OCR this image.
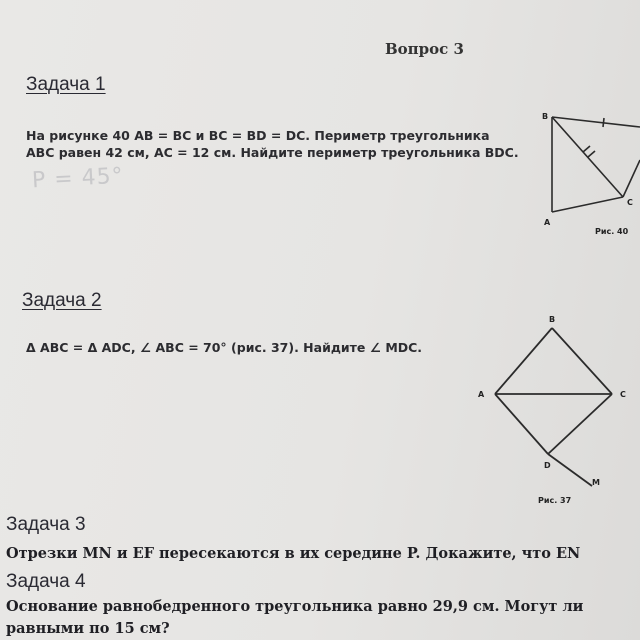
Вопрос 3
Задача 1
На рисунке 40 AB = BC и BC = BD = DC. Периметр треугольника
ABC равен 42 см, AC = 12 см. Найдите периметр треугольника BDC.
P = 45°
B
A
C
Рис. 40
Задача 2
Δ ABC = Δ ADC, ∠ ABC = 70° (рис. 37). Найдите ∠ MDC.
B
A	C
D
M
Рис. 37
Задача 3
Отрезки MN и EF пересекаются в их середине P. Докажите, что EN
Задача 4
Основание равнобедренного треугольника равно 29,9 см. Могут ли
равными по 15 см?
